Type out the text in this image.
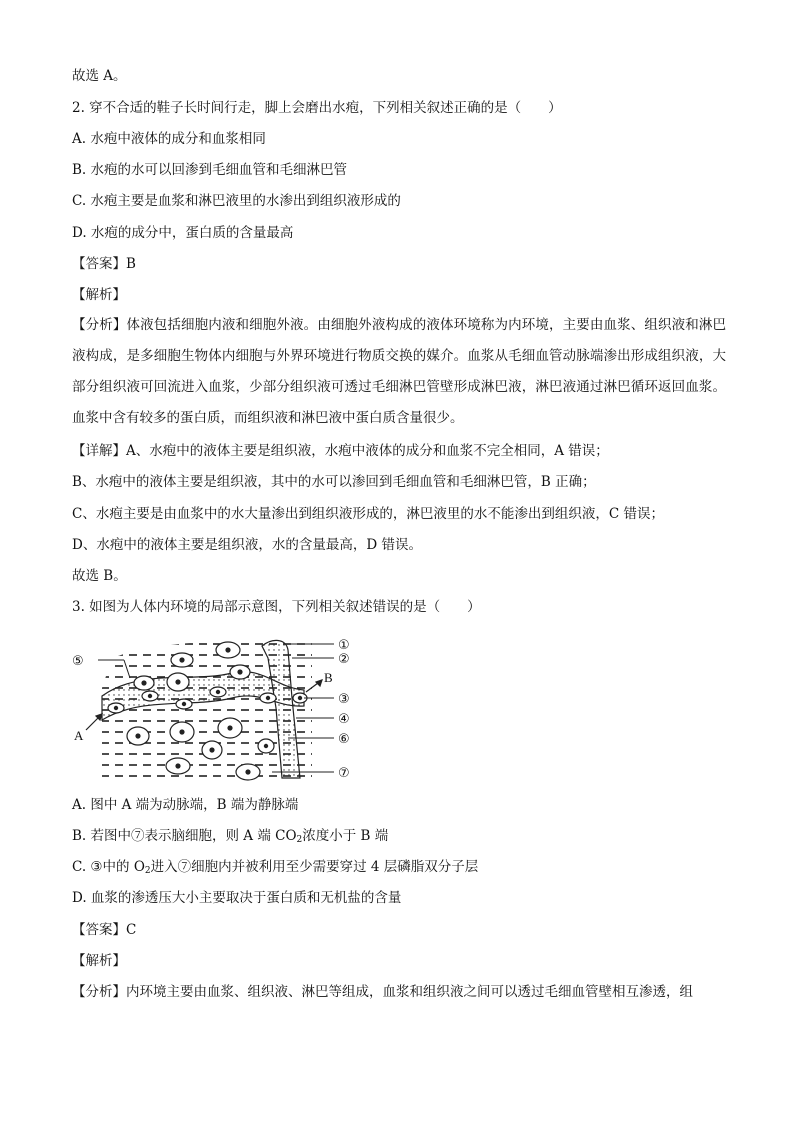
故选 A。
2. 穿不合适的鞋子长时间行走，脚上会磨出水疱，下列相关叙述正确的是（　　）
A. 水疱中液体的成分和血浆相同
B. 水疱的水可以回渗到毛细血管和毛细淋巴管
C. 水疱主要是血浆和淋巴液里的水渗出到组织液形成的
D. 水疱的成分中，蛋白质的含量最高
【答案】B
【解析】
【分析】体液包括细胞内液和细胞外液。由细胞外液构成的液体环境称为内环境，主要由血浆、组织液和淋巴液构成，是多细胞生物体内细胞与外界环境进行物质交换的媒介。血浆从毛细血管动脉端渗出形成组织液，大部分组织液可回流进入血浆，少部分组织液可透过毛细淋巴管壁形成淋巴液，淋巴液通过淋巴循环返回血浆。血浆中含有较多的蛋白质，而组织液和淋巴液中蛋白质含量很少。
【详解】A、水疱中的液体主要是组织液，水疱中液体的成分和血浆不完全相同，A 错误；
B、水疱中的液体主要是组织液，其中的水可以渗回到毛细血管和毛细淋巴管，B 正确；
C、水疱主要是由血浆中的水大量渗出到组织液形成的，淋巴液里的水不能渗出到组织液，C 错误；
D、水疱中的液体主要是组织液，水的含量最高，D 错误。
故选 B。
3. 如图为人体内环境的局部示意图，下列相关叙述错误的是（　　）
①
②
③
④
⑤
⑥
⑦
A
B
A. 图中 A 端为动脉端，B 端为静脉端
B. 若图中⑦表示脑细胞，则 A 端 $CO_2$浓度小于 B 端
C. ③中的 $O_2$进入⑦细胞内并被利用至少需要穿过 4 层磷脂双分子层
D. 血浆的渗透压大小主要取决于蛋白质和无机盐的含量
【答案】C
【解析】
【分析】内环境主要由血浆、组织液、淋巴等组成，血浆和组织液之间可以透过毛细血管壁相互渗透，组
